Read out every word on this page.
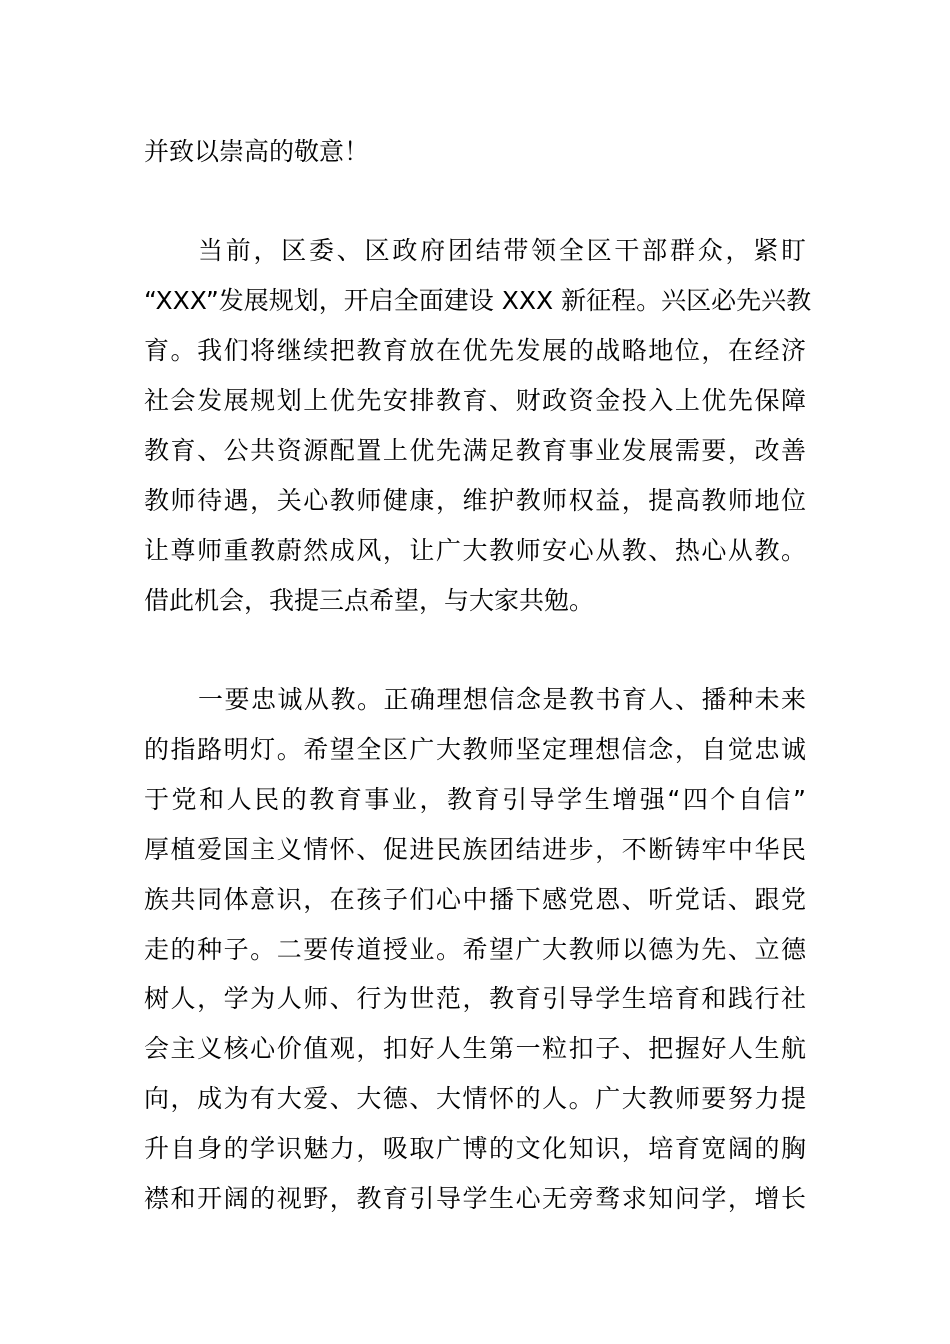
并致以崇高的敬意！
当前，区委、区政府团结带领全区干部群众，紧盯
“XXX”发展规划，开启全面建设 XXX 新征程。兴区必先兴教
育。我们将继续把教育放在优先发展的战略地位，在经济
社会发展规划上优先安排教育、财政资金投入上优先保障
教育、公共资源配置上优先满足教育事业发展需要，改善
教师待遇，关心教师健康，维护教师权益，提高教师地位
让尊师重教蔚然成风，让广大教师安心从教、热心从教。
借此机会，我提三点希望，与大家共勉。
一要忠诚从教。正确理想信念是教书育人、播种未来
的指路明灯。希望全区广大教师坚定理想信念，自觉忠诚
于党和人民的教育事业，教育引导学生增强“四个自信”
厚植爱国主义情怀、促进民族团结进步，不断铸牢中华民
族共同体意识，在孩子们心中播下感党恩、听党话、跟党
走的种子。二要传道授业。希望广大教师以德为先、立德
树人，学为人师、行为世范，教育引导学生培育和践行社
会主义核心价值观，扣好人生第一粒扣子、把握好人生航
向，成为有大爱、大德、大情怀的人。广大教师要努力提
升自身的学识魅力，吸取广博的文化知识，培育宽阔的胸
襟和开阔的视野，教育引导学生心无旁骛求知问学，增长
